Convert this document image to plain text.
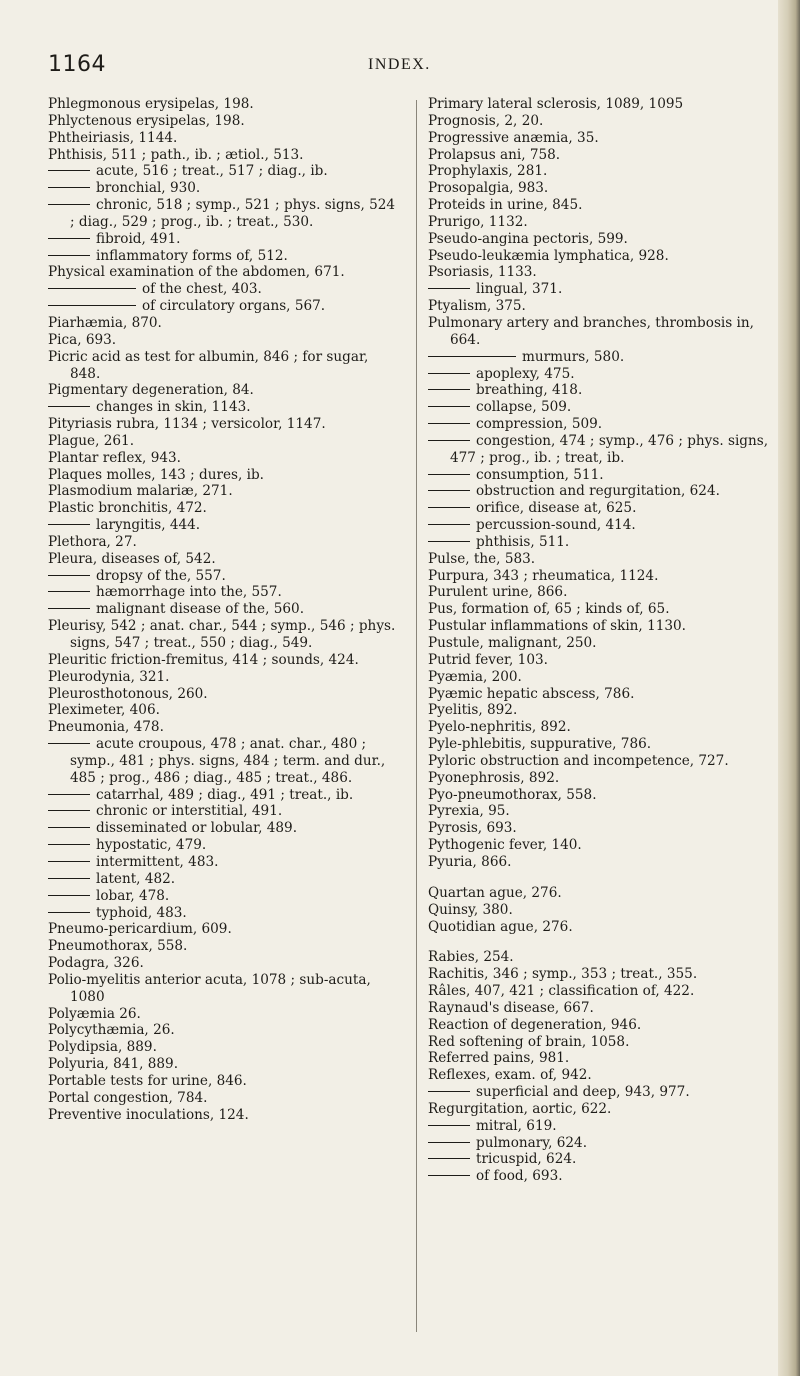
1164	INDEX.

Phlegmonous erysipelas, 198.

Phlyctenous erysipelas, 198.

Phtheiriasis, 1144.

Phthisis, 511 ; path., ib. ; ætiol., 513.

acute, 516 ; treat., 517 ; diag., ib.

bronchial, 930.

chronic, 518 ; symp., 521 ; phys. signs, 524 ; diag., 529 ; prog., ib. ; treat., 530.

fibroid, 491.

inflammatory forms of, 512.

Physical examination of the abdomen, 671.

of the chest, 403.

of circulatory organs, 567.

Piarhæmia, 870.

Pica, 693.

Picric acid as test for albumin, 846 ; for sugar, 848.

Pigmentary degeneration, 84.

changes in skin, 1143.

Pityriasis rubra, 1134 ; versicolor, 1147.

Plague, 261.

Plantar reflex, 943.

Plaques molles, 143 ; dures, ib.

Plasmodium malariæ, 271.

Plastic bronchitis, 472.

laryngitis, 444.

Plethora, 27.

Pleura, diseases of, 542.

dropsy of the, 557.

hæmorrhage into the, 557.

malignant disease of the, 560.

Pleurisy, 542 ; anat. char., 544 ; symp., 546 ; phys. signs, 547 ; treat., 550 ; diag., 549.

Pleuritic friction-fremitus, 414 ; sounds, 424.

Pleurodynia, 321.

Pleurosthotonous, 260.

Pleximeter, 406.

Pneumonia, 478.

acute croupous, 478 ; anat. char., 480 ; symp., 481 ; phys. signs, 484 ; term. and dur., 485 ; prog., 486 ; diag., 485 ; treat., 486.

catarrhal, 489 ; diag., 491 ; treat., ib.

chronic or interstitial, 491.

disseminated or lobular, 489.

hypostatic, 479.

intermittent, 483.

latent, 482.

lobar, 478.

typhoid, 483.

Pneumo-pericardium, 609.

Pneumothorax, 558.

Podagra, 326.

Polio-myelitis anterior acuta, 1078 ; sub-acuta, 1080

Polyæmia 26.

Polycythæmia, 26.

Polydipsia, 889.

Polyuria, 841, 889.

Portable tests for urine, 846.

Portal congestion, 784.

Preventive inoculations, 124.

Primary lateral sclerosis, 1089, 1095

Prognosis, 2, 20.

Progressive anæmia, 35.

Prolapsus ani, 758.

Prophylaxis, 281.

Prosopalgia, 983.

Proteids in urine, 845.

Prurigo, 1132.

Pseudo-angina pectoris, 599.

Pseudo-leukæmia lymphatica, 928.

Psoriasis, 1133.

lingual, 371.

Ptyalism, 375.

Pulmonary artery and branches, thrombosis in, 664.

murmurs, 580.

apoplexy, 475.

breathing, 418.

collapse, 509.

compression, 509.

congestion, 474 ; symp., 476 ; phys. signs, 477 ; prog., ib. ; treat, ib.

consumption, 511.

obstruction and regurgitation, 624.

orifice, disease at, 625.

percussion-sound, 414.

phthisis, 511.

Pulse, the, 583.

Purpura, 343 ; rheumatica, 1124.

Purulent urine, 866.

Pus, formation of, 65 ; kinds of, 65.

Pustular inflammations of skin, 1130.

Pustule, malignant, 250.

Putrid fever, 103.

Pyæmia, 200.

Pyæmic hepatic abscess, 786.

Pyelitis, 892.

Pyelo-nephritis, 892.

Pyle-phlebitis, suppurative, 786.

Pyloric obstruction and incompetence, 727.

Pyonephrosis, 892.

Pyo-pneumothorax, 558.

Pyrexia, 95.

Pyrosis, 693.

Pythogenic fever, 140.

Pyuria, 866.

Quartan ague, 276.

Quinsy, 380.

Quotidian ague, 276.

Rabies, 254.

Rachitis, 346 ; symp., 353 ; treat., 355.

Râles, 407, 421 ; classification of, 422.

Raynaud's disease, 667.

Reaction of degeneration, 946.

Red softening of brain, 1058.

Referred pains, 981.

Reflexes, exam. of, 942.

superficial and deep, 943, 977.

Regurgitation, aortic, 622.

mitral, 619.

pulmonary, 624.

tricuspid, 624.

of food, 693.
